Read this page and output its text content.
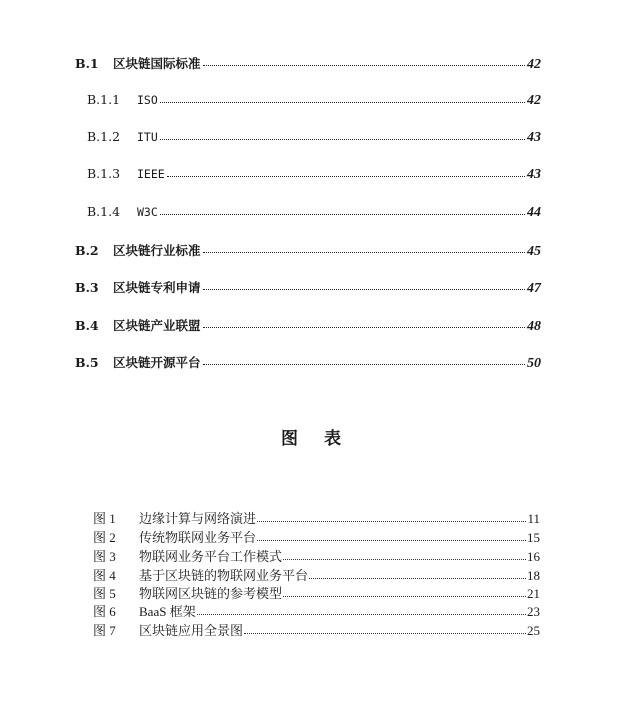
B.1	区块链国际标准	42
B.1.1	ISO	42
B.1.2	ITU	43
B.1.3	IEEE	43
B.1.4	W3C	44
B.2	区块链行业标准	45
B.3	区块链专利申请	47
B.4	区块链产业联盟	48
B.5	区块链开源平台	50
图表
图 1	边缘计算与网络演进	11
图 2	传统物联网业务平台	15
图 3	物联网业务平台工作模式	16
图 4	基于区块链的物联网业务平台	18
图 5	物联网区块链的参考模型	21
图 6	BaaS 框架	23
图 7	区块链应用全景图	25
